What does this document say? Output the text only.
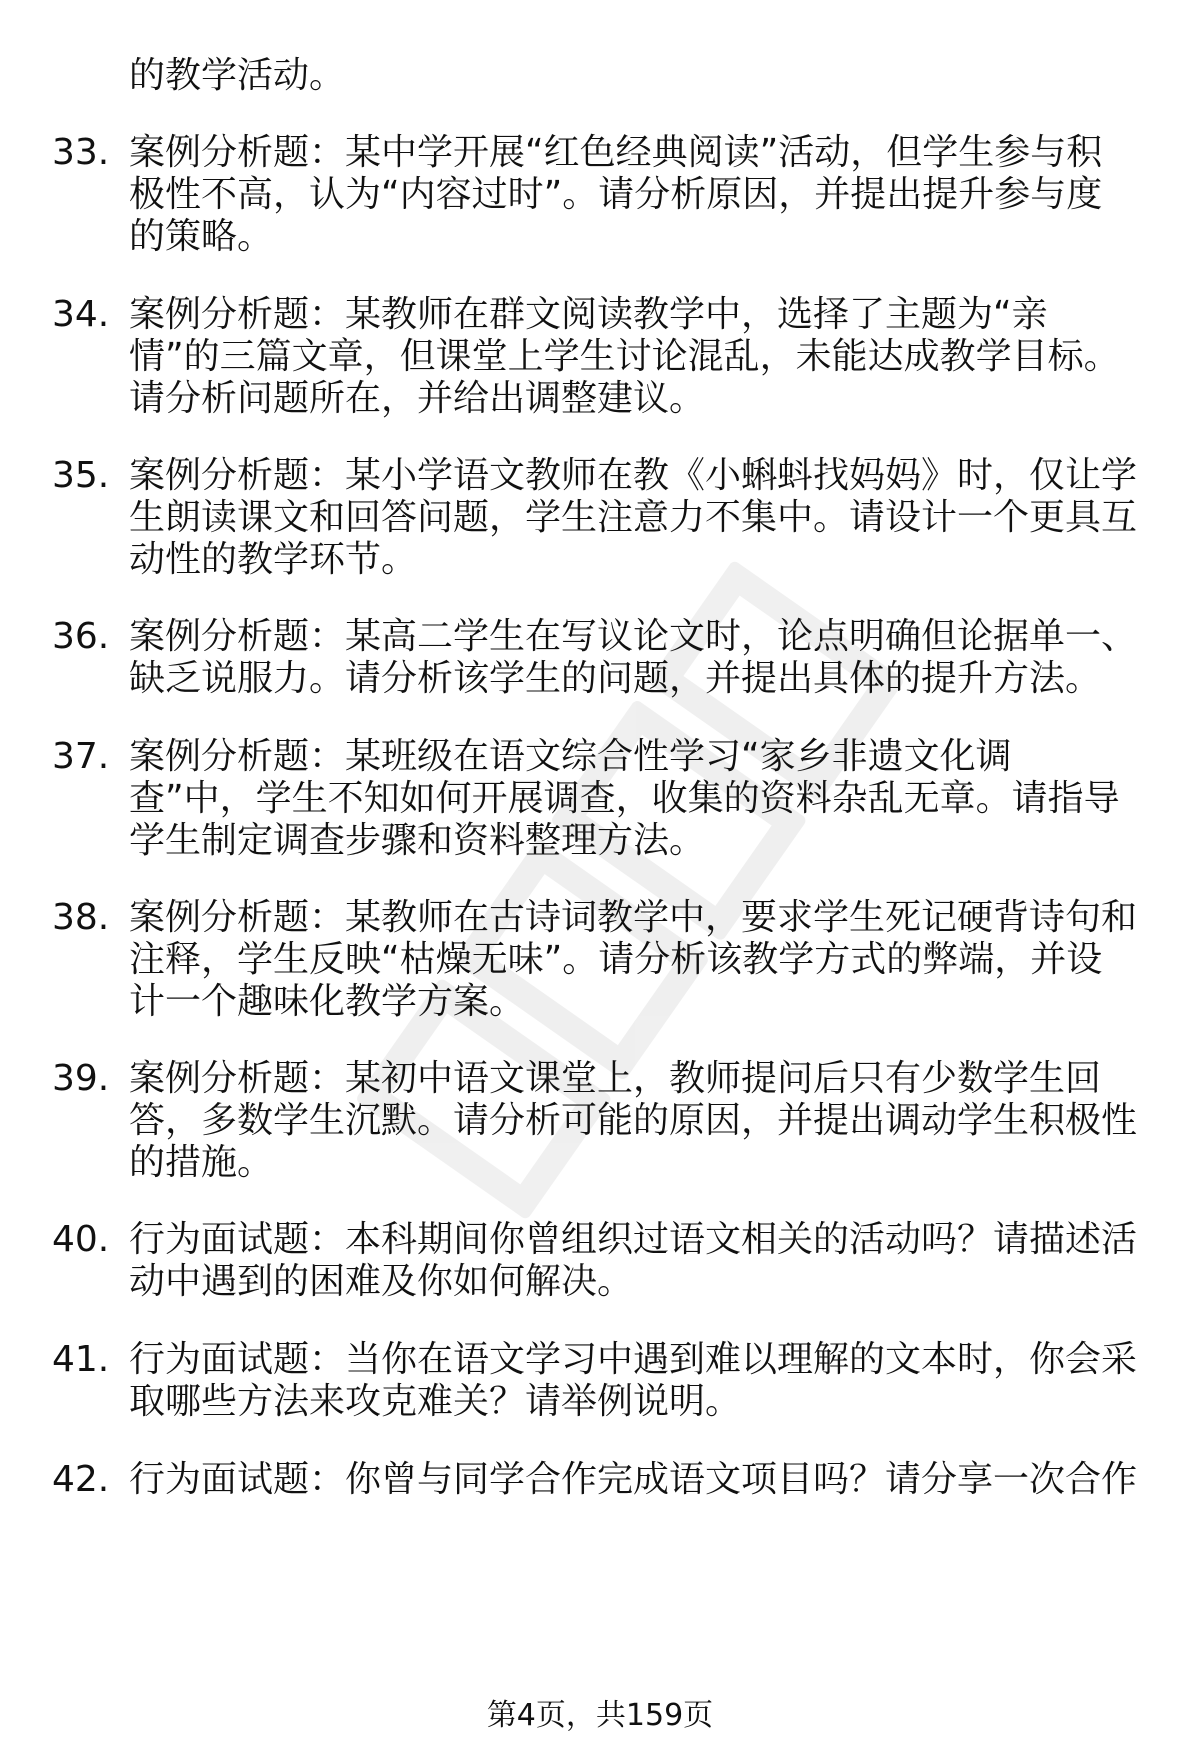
的教学活动。
33. 案例分析题：某中学开展“红色经典阅读”活动，但学生参与积
极性不高，认为“内容过时”。请分析原因，并提出提升参与度
的策略。
34. 案例分析题：某教师在群文阅读教学中，选择了主题为“亲
情”的三篇文章，但课堂上学生讨论混乱，未能达成教学目标。
请分析问题所在，并给出调整建议。
35. 案例分析题：某小学语文教师在教《小蝌蚪找妈妈》时，仅让学
生朗读课文和回答问题，学生注意力不集中。请设计一个更具互
动性的教学环节。
36. 案例分析题：某高二学生在写议论文时，论点明确但论据单一、
缺乏说服力。请分析该学生的问题，并提出具体的提升方法。
37. 案例分析题：某班级在语文综合性学习“家乡非遗文化调
查”中，学生不知如何开展调查，收集的资料杂乱无章。请指导
学生制定调查步骤和资料整理方法。
38. 案例分析题：某教师在古诗词教学中，要求学生死记硬背诗句和
注释，学生反映“枯燥无味”。请分析该教学方式的弊端，并设
计一个趣味化教学方案。
39. 案例分析题：某初中语文课堂上，教师提问后只有少数学生回
答，多数学生沉默。请分析可能的原因，并提出调动学生积极性
的措施。
40. 行为面试题：本科期间你曾组织过语文相关的活动吗？请描述活
动中遇到的困难及你如何解决。
41. 行为面试题：当你在语文学习中遇到难以理解的文本时，你会采
取哪些方法来攻克难关？请举例说明。
42. 行为面试题：你曾与同学合作完成语文项目吗？请分享一次合作
第4页，共159页
